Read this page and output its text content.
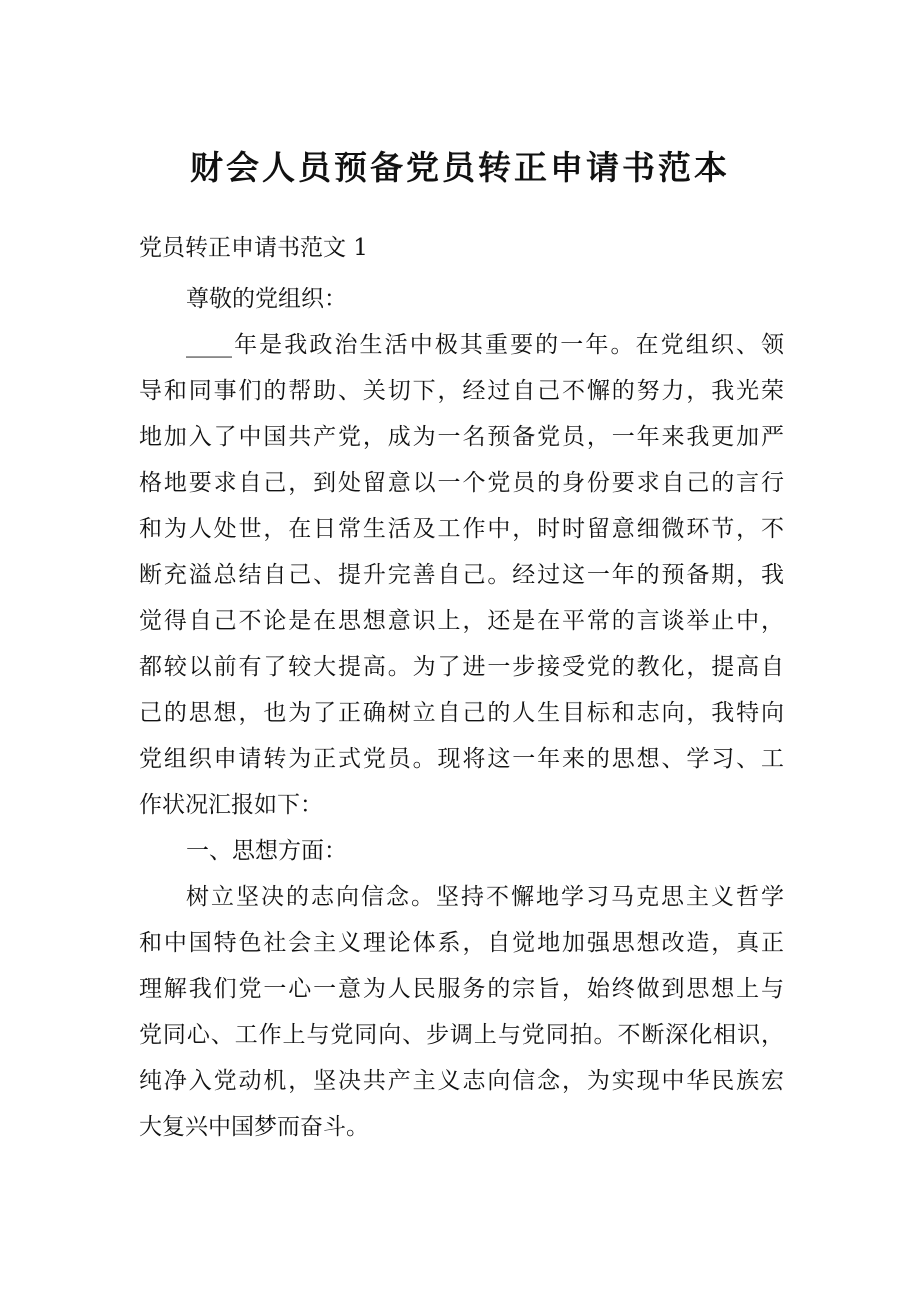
财会人员预备党员转正申请书范本

党员转正申请书范文 1

尊敬的党组织：

____年是我政治生活中极其重要的一年。在党组织、领

导和同事们的帮助、关切下，经过自己不懈的努力，我光荣

地加入了中国共产党，成为一名预备党员，一年来我更加严

格地要求自己，到处留意以一个党员的身份要求自己的言行

和为人处世，在日常生活及工作中，时时留意细微环节，不

断充溢总结自己、提升完善自己。经过这一年的预备期，我

觉得自己不论是在思想意识上，还是在平常的言谈举止中，

都较以前有了较大提高。为了进一步接受党的教化，提高自

己的思想，也为了正确树立自己的人生目标和志向，我特向

党组织申请转为正式党员。现将这一年来的思想、学习、工

作状况汇报如下：

一、思想方面：

树立坚决的志向信念。坚持不懈地学习马克思主义哲学

和中国特色社会主义理论体系，自觉地加强思想改造，真正

理解我们党一心一意为人民服务的宗旨，始终做到思想上与

党同心、工作上与党同向、步调上与党同拍。不断深化相识，

纯净入党动机，坚决共产主义志向信念，为实现中华民族宏

大复兴中国梦而奋斗。
